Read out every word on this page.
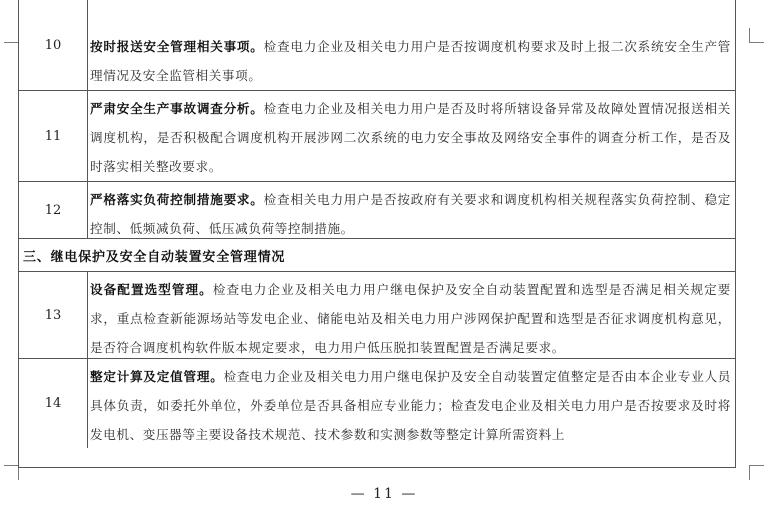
10	按时报送安全管理相关事项。检查电力企业及相关电力用户是否按调度机构要求及时上报二次系统安全生产管理情况及安全监管相关事项。
11
严肃安全生产事故调查分析。检查电力企业及相关电力用户是否及时将所辖设备异常及故障处置情况报送相关调度机构，是否积极配合调度机构开展涉网二次系统的电力安全事故及网络安全事件的调查分析工作，是否及时落实相关整改要求。
12
严格落实负荷控制措施要求。检查相关电力用户是否按政府有关要求和调度机构相关规程落实负荷控制、稳定控制、低频减负荷、低压减负荷等控制措施。
三、继电保护及安全自动装置安全管理情况
13
设备配置选型管理。检查电力企业及相关电力用户继电保护及安全自动装置配置和选型是否满足相关规定要求，重点检查新能源场站等发电企业、储能电站及相关电力用户涉网保护配置和选型是否征求调度机构意见，是否符合调度机构软件版本规定要求，电力用户低压脱扣装置配置是否满足要求。
14
整定计算及定值管理。检查电力企业及相关电力用户继电保护及安全自动装置定值整定是否由本企业专业人员具体负责，如委托外单位，外委单位是否具备相应专业能力；检查发电企业及相关电力用户是否按要求及时将发电机、变压器等主要设备技术规范、技术参数和实测参数等整定计算所需资料上
— 11 —
